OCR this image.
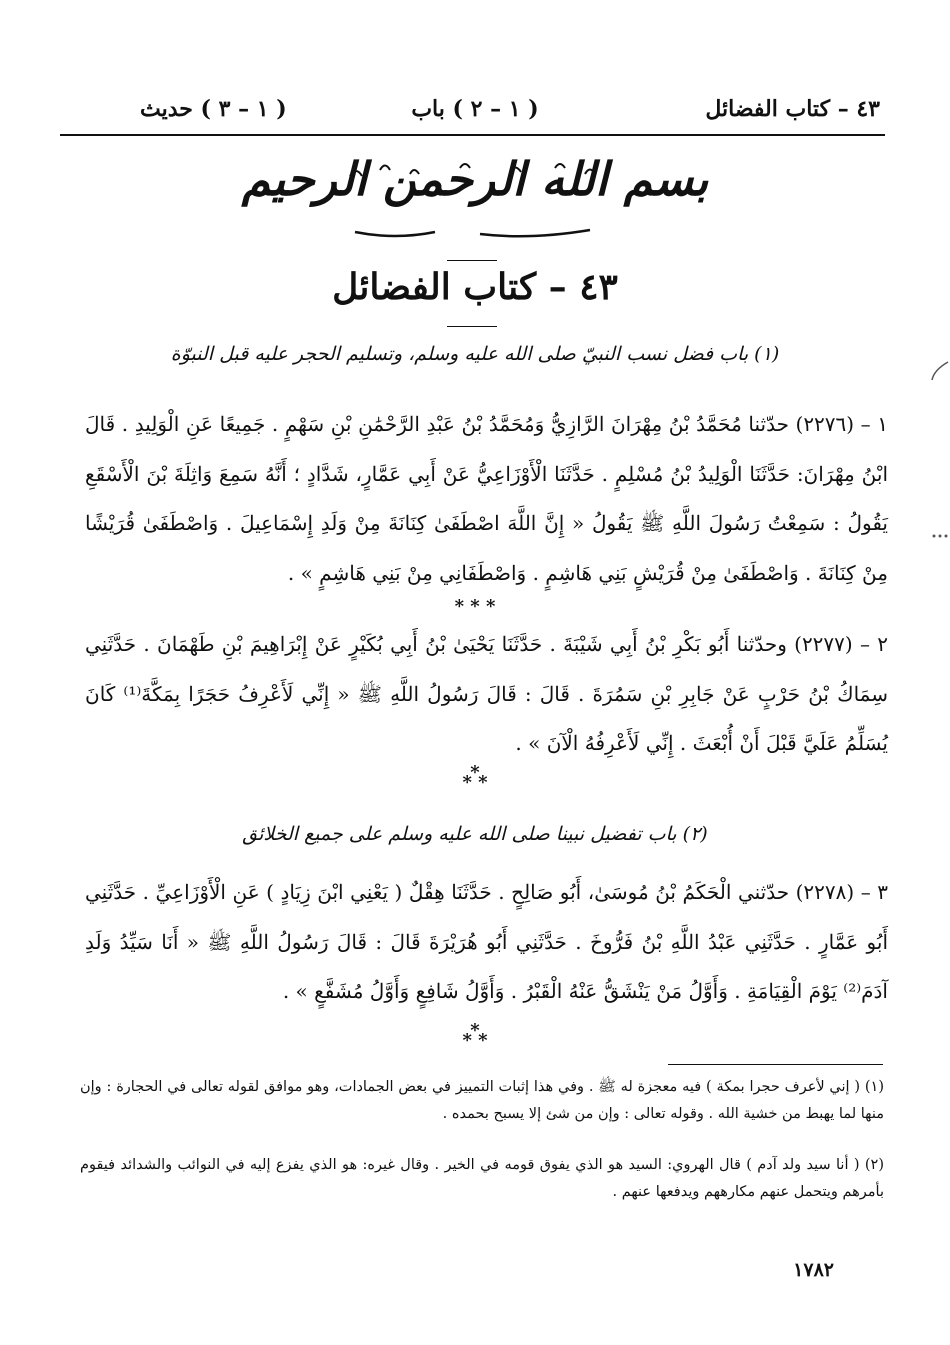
٤٣ – كتاب الفضائل
( ١ – ٢ ) باب
( ١ – ٣ ) حديث
بسم الله الرحمن الرحيم
٤٣ – كتاب الفضائل
(١) باب فضل نسب النبيّ صلى الله عليه وسلم، وتسليم الحجر عليه قبل النبوّة
١ – (٢٢٧٦) حدّثنا مُحَمَّدُ بْنُ مِهْرَانَ الرَّازِيُّ وَمُحَمَّدُ بْنُ عَبْدِ الرَّحْمَٰنِ بْنِ سَهْمٍ . جَمِيعًا عَنِ الْوَلِيدِ . قَالَ ابْنُ مِهْرَانَ: حَدَّثَنَا الْوَلِيدُ بْنُ مُسْلِمٍ . حَدَّثَنَا الْأَوْزَاعِيُّ عَنْ أَبِي عَمَّارٍ، شَدَّادٍ ؛ أَنَّهُ سَمِعَ وَاثِلَةَ بْنَ الْأَسْقَعِ يَقُولُ : سَمِعْتُ رَسُولَ اللَّهِ ﷺ يَقُولُ « إِنَّ اللَّهَ اصْطَفَىٰ كِنَانَةَ مِنْ وَلَدِ إِسْمَاعِيلَ . وَاصْطَفَىٰ قُرَيْشًا مِنْ كِنَانَةَ . وَاصْطَفَىٰ مِنْ قُرَيْشٍ بَنِي هَاشِمٍ . وَاصْطَفَانِي مِنْ بَنِي هَاشِمٍ » .
* * *
٢ – (٢٢٧٧) وحدّثنا أَبُو بَكْرِ بْنُ أَبِي شَيْبَةَ . حَدَّثَنَا يَحْيَىٰ بْنُ أَبِي بُكَيْرٍ عَنْ إِبْرَاهِيمَ بْنِ طَهْمَانَ . حَدَّثَنِي سِمَاكُ بْنُ حَرْبٍ عَنْ جَابِرِ بْنِ سَمُرَةَ . قَالَ : قَالَ رَسُولُ اللَّهِ ﷺ « إِنِّي لَأَعْرِفُ حَجَرًا بِمَكَّةَ⁽¹⁾ كَانَ يُسَلِّمُ عَلَيَّ قَبْلَ أَنْ أُبْعَثَ . إِنِّي لَأَعْرِفُهُ الْآنَ » .
*
* *
(٢) باب تفضيل نبينا صلى الله عليه وسلم على جميع الخلائق
٣ – (٢٢٧٨) حدّثني الْحَكَمُ بْنُ مُوسَىٰ، أَبُو صَالِحٍ . حَدَّثَنَا هِقْلٌ ( يَعْنِي ابْنَ زِيَادٍ ) عَنِ الْأَوْزَاعِيِّ . حَدَّثَنِي أَبُو عَمَّارٍ . حَدَّثَنِي عَبْدُ اللَّهِ بْنُ فَرُّوخَ . حَدَّثَنِي أَبُو هُرَيْرَةَ قَالَ : قَالَ رَسُولُ اللَّهِ ﷺ « أَنَا سَيِّدُ وَلَدِ آدَمَ⁽²⁾ يَوْمَ الْقِيَامَةِ . وَأَوَّلُ مَنْ يَنْشَقُّ عَنْهُ الْقَبْرُ . وَأَوَّلُ شَافِعٍ وَأَوَّلُ مُشَفَّعٍ » .
*
* *
(١) ( إني لأعرف حجرا بمكة ) فيه معجزة له ﷺ . وفي هذا إثبات التمييز في بعض الجمادات، وهو موافق لقوله تعالى في الحجارة : وإن منها لما يهبط من خشية الله . وقوله تعالى : وإن من شئ إلا يسبح بحمده .
(٢) ( أنا سيد ولد آدم ) قال الهروي: السيد هو الذي يفوق قومه في الخير . وقال غيره: هو الذي يفزع إليه في النوائب والشدائد فيقوم بأمرهم ويتحمل عنهم مكارههم ويدفعها عنهم .
١٧٨٢
